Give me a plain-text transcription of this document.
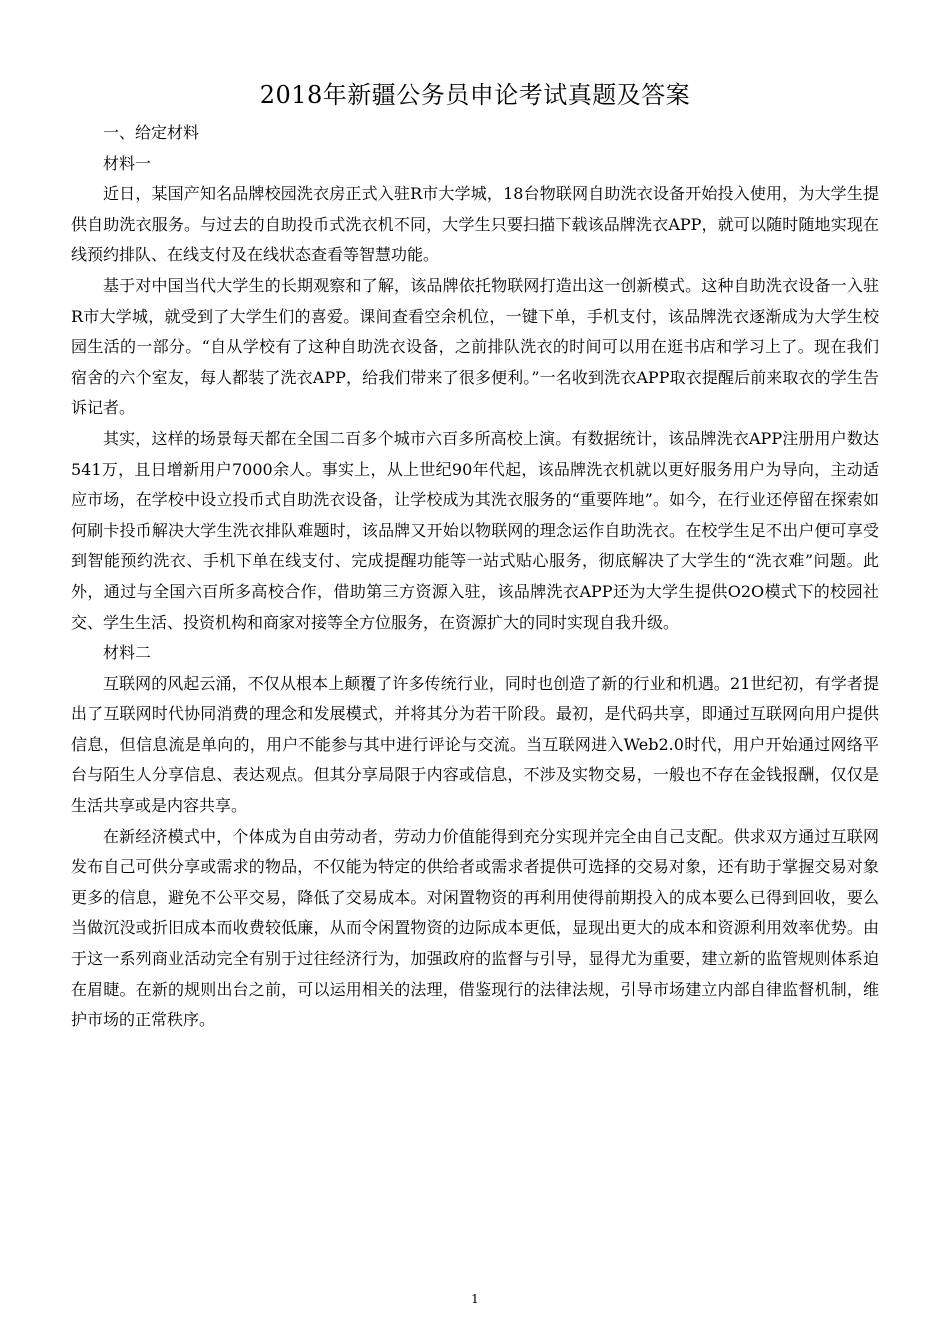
2018年新疆公务员申论考试真题及答案

一、给定材料

材料一

近日，某国产知名品牌校园洗衣房正式入驻R市大学城，18台物联网自助洗衣设备开始投入使用，为大学生提供自助洗衣服务。与过去的自助投币式洗衣机不同，大学生只要扫描下载该品牌洗衣APP，就可以随时随地实现在线预约排队、在线支付及在线状态查看等智慧功能。

基于对中国当代大学生的长期观察和了解，该品牌依托物联网打造出这一创新模式。这种自助洗衣设备一入驻R市大学城，就受到了大学生们的喜爱。课间查看空余机位，一键下单，手机支付，该品牌洗衣逐渐成为大学生校园生活的一部分。“自从学校有了这种自助洗衣设备，之前排队洗衣的时间可以用在逛书店和学习上了。现在我们宿舍的六个室友，每人都装了洗衣APP，给我们带来了很多便利。”一名收到洗衣APP取衣提醒后前来取衣的学生告诉记者。

其实，这样的场景每天都在全国二百多个城市六百多所高校上演。有数据统计，该品牌洗衣APP注册用户数达541万，且日增新用户7000余人。事实上，从上世纪90年代起，该品牌洗衣机就以更好服务用户为导向，主动适应市场，在学校中设立投币式自助洗衣设备，让学校成为其洗衣服务的“重要阵地”。如今，在行业还停留在探索如何刷卡投币解决大学生洗衣排队难题时，该品牌又开始以物联网的理念运作自助洗衣。在校学生足不出户便可享受到智能预约洗衣、手机下单在线支付、完成提醒功能等一站式贴心服务，彻底解决了大学生的“洗衣难”问题。此外，通过与全国六百所多高校合作，借助第三方资源入驻，该品牌洗衣APP还为大学生提供O2O模式下的校园社交、学生生活、投资机构和商家对接等全方位服务，在资源扩大的同时实现自我升级。

材料二

互联网的风起云涌，不仅从根本上颠覆了许多传统行业，同时也创造了新的行业和机遇。21世纪初，有学者提出了互联网时代协同消费的理念和发展模式，并将其分为若干阶段。最初，是代码共享，即通过互联网向用户提供信息，但信息流是单向的，用户不能参与其中进行评论与交流。当互联网进入Web2.0时代，用户开始通过网络平台与陌生人分享信息、表达观点。但其分享局限于内容或信息，不涉及实物交易，一般也不存在金钱报酬，仅仅是生活共享或是内容共享。

在新经济模式中，个体成为自由劳动者，劳动力价值能得到充分实现并完全由自己支配。供求双方通过互联网发布自己可供分享或需求的物品，不仅能为特定的供给者或需求者提供可选择的交易对象，还有助于掌握交易对象更多的信息，避免不公平交易，降低了交易成本。对闲置物资的再利用使得前期投入的成本要么已得到回收，要么当做沉没或折旧成本而收费较低廉，从而令闲置物资的边际成本更低，显现出更大的成本和资源利用效率优势。由于这一系列商业活动完全有别于过往经济行为，加强政府的监督与引导，显得尤为重要，建立新的监管规则体系迫在眉睫。在新的规则出台之前，可以运用相关的法理，借鉴现行的法律法规，引导市场建立内部自律监督机制，维护市场的正常秩序。

1
